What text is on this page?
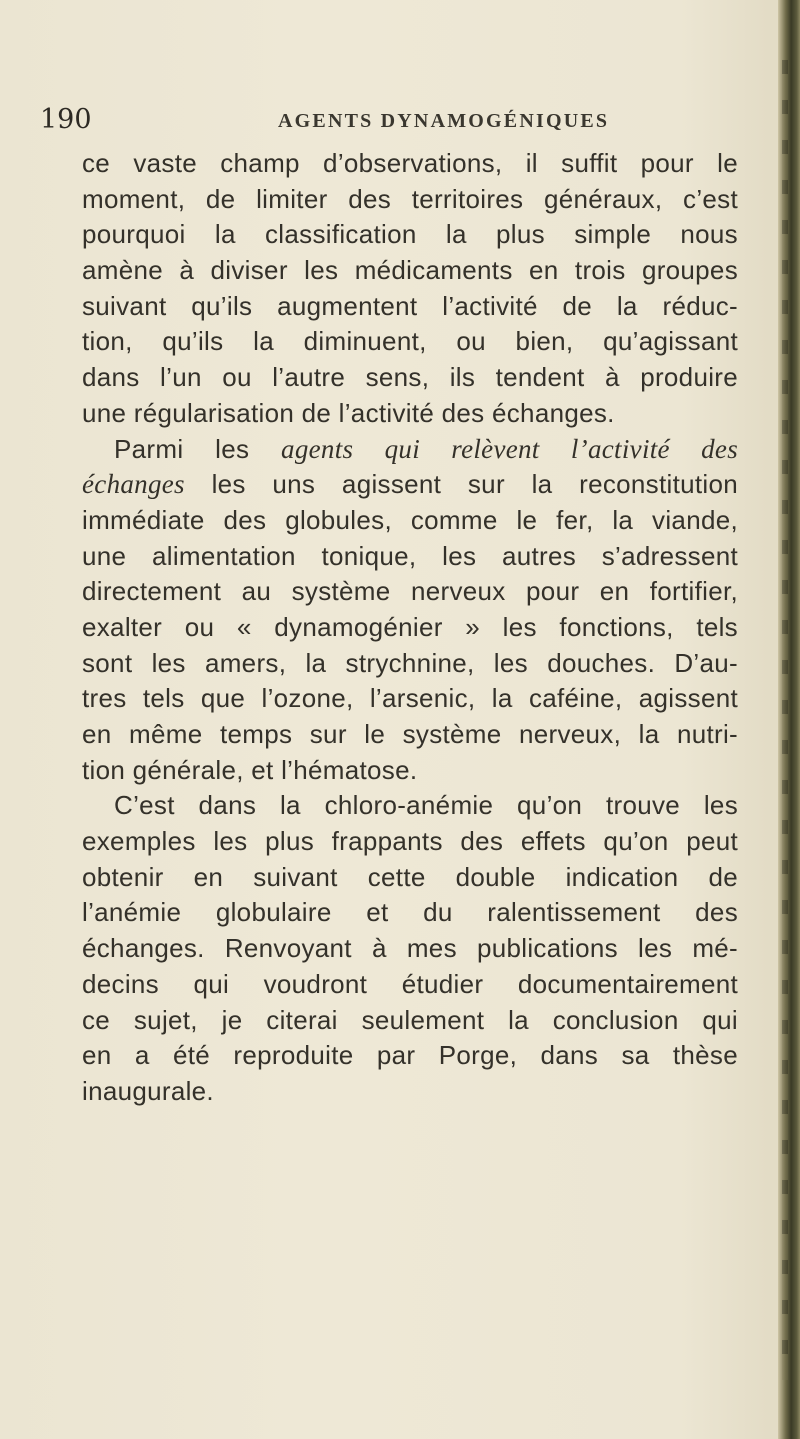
190	AGENTS DYNAMOGÉNIQUES
ce vaste champ d’observations, il suffit pour le
moment, de limiter des territoires généraux, c’est
pourquoi la classification la plus simple nous
amène à diviser les médicaments en trois groupes
suivant qu’ils augmentent l’activité de la réduc-
tion, qu’ils la diminuent, ou bien, qu’agissant
dans l’un ou l’autre sens, ils tendent à produire
une régularisation de l’activité des échanges.
Parmi les agents qui relèvent l’activité des
échanges les uns agissent sur la reconstitution
immédiate des globules, comme le fer, la viande,
une alimentation tonique, les autres s’adressent
directement au système nerveux pour en fortifier,
exalter ou « dynamogénier » les fonctions, tels
sont les amers, la strychnine, les douches. D’au-
tres tels que l’ozone, l’arsenic, la caféine, agissent
en même temps sur le système nerveux, la nutri-
tion générale, et l’hématose.
C’est dans la chloro-anémie qu’on trouve les
exemples les plus frappants des effets qu’on peut
obtenir en suivant cette double indication de
l’anémie globulaire et du ralentissement des
échanges. Renvoyant à mes publications les mé-
decins qui voudront étudier documentairement
ce sujet, je citerai seulement la conclusion qui
en a été reproduite par Porge, dans sa thèse
inaugurale.
